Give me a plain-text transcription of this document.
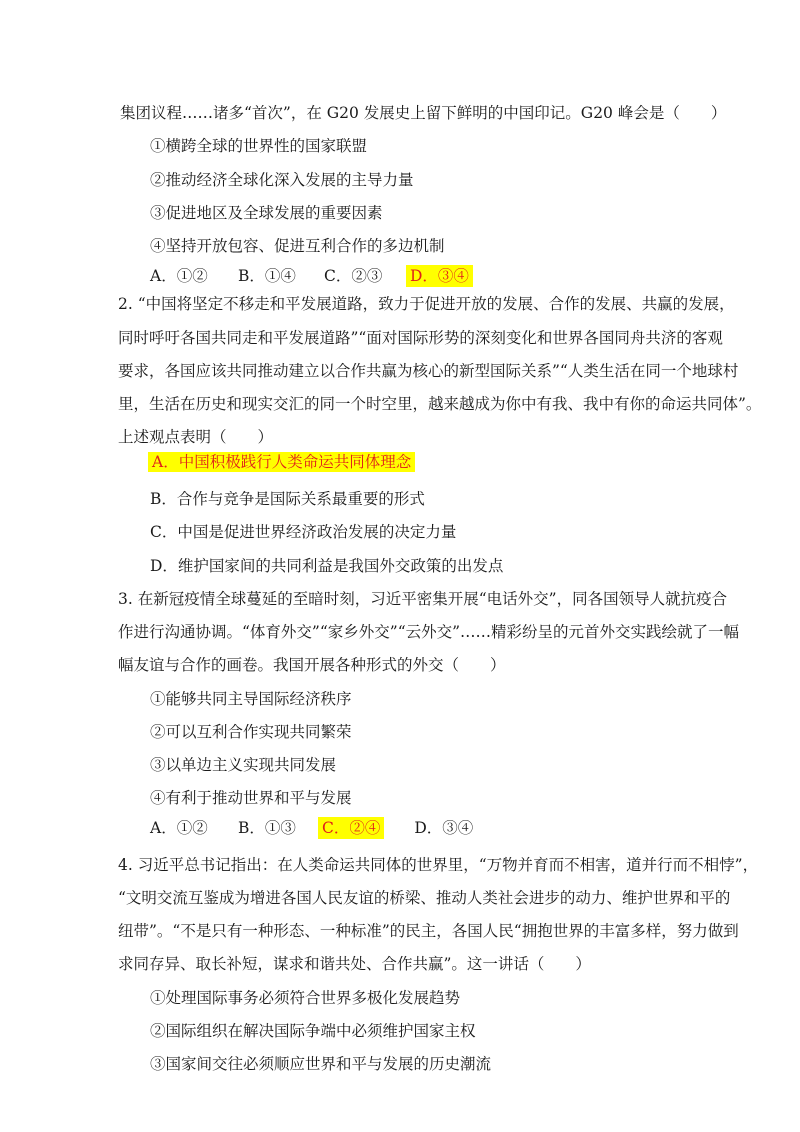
集团议程……诸多“首次”，在 G20 发展史上留下鲜明的中国印记。G20 峰会是（　　）
①横跨全球的世界性的国家联盟
②推动经济全球化深入发展的主导力量
③促进地区及全球发展的重要因素
④坚持开放包容、促进互利合作的多边机制
A．①② B．①④ C．②③ D．③④
2. “中国将坚定不移走和平发展道路，致力于促进开放的发展、合作的发展、共赢的发展，
同时呼吁各国共同走和平发展道路”“面对国际形势的深刻变化和世界各国同舟共济的客观
要求，各国应该共同推动建立以合作共赢为核心的新型国际关系”“人类生活在同一个地球村
里，生活在历史和现实交汇的同一个时空里，越来越成为你中有我、我中有你的命运共同体”。
上述观点表明（　　）
A．中国积极践行人类命运共同体理念
B．合作与竞争是国际关系最重要的形式
C．中国是促进世界经济政治发展的决定力量
D．维护国家间的共同利益是我国外交政策的出发点
3. 在新冠疫情全球蔓延的至暗时刻，习近平密集开展“电话外交”，同各国领导人就抗疫合
作进行沟通协调。“体育外交”“家乡外交”“云外交”……精彩纷呈的元首外交实践绘就了一幅
幅友谊与合作的画卷。我国开展各种形式的外交（　　）
①能够共同主导国际经济秩序
②可以互利合作实现共同繁荣
③以单边主义实现共同发展
④有利于推动世界和平与发展
A．①② B．①③ C．②④ D．③④
4. 习近平总书记指出：在人类命运共同体的世界里，“万物并育而不相害，道并行而不相悖”，
“文明交流互鉴成为增进各国人民友谊的桥梁、推动人类社会进步的动力、维护世界和平的
纽带”。“不是只有一种形态、一种标准”的民主，各国人民“拥抱世界的丰富多样，努力做到
求同存异、取长补短，谋求和谐共处、合作共赢”。这一讲话（　　）
①处理国际事务必须符合世界多极化发展趋势
②国际组织在解决国际争端中必须维护国家主权
③国家间交往必须顺应世界和平与发展的历史潮流
